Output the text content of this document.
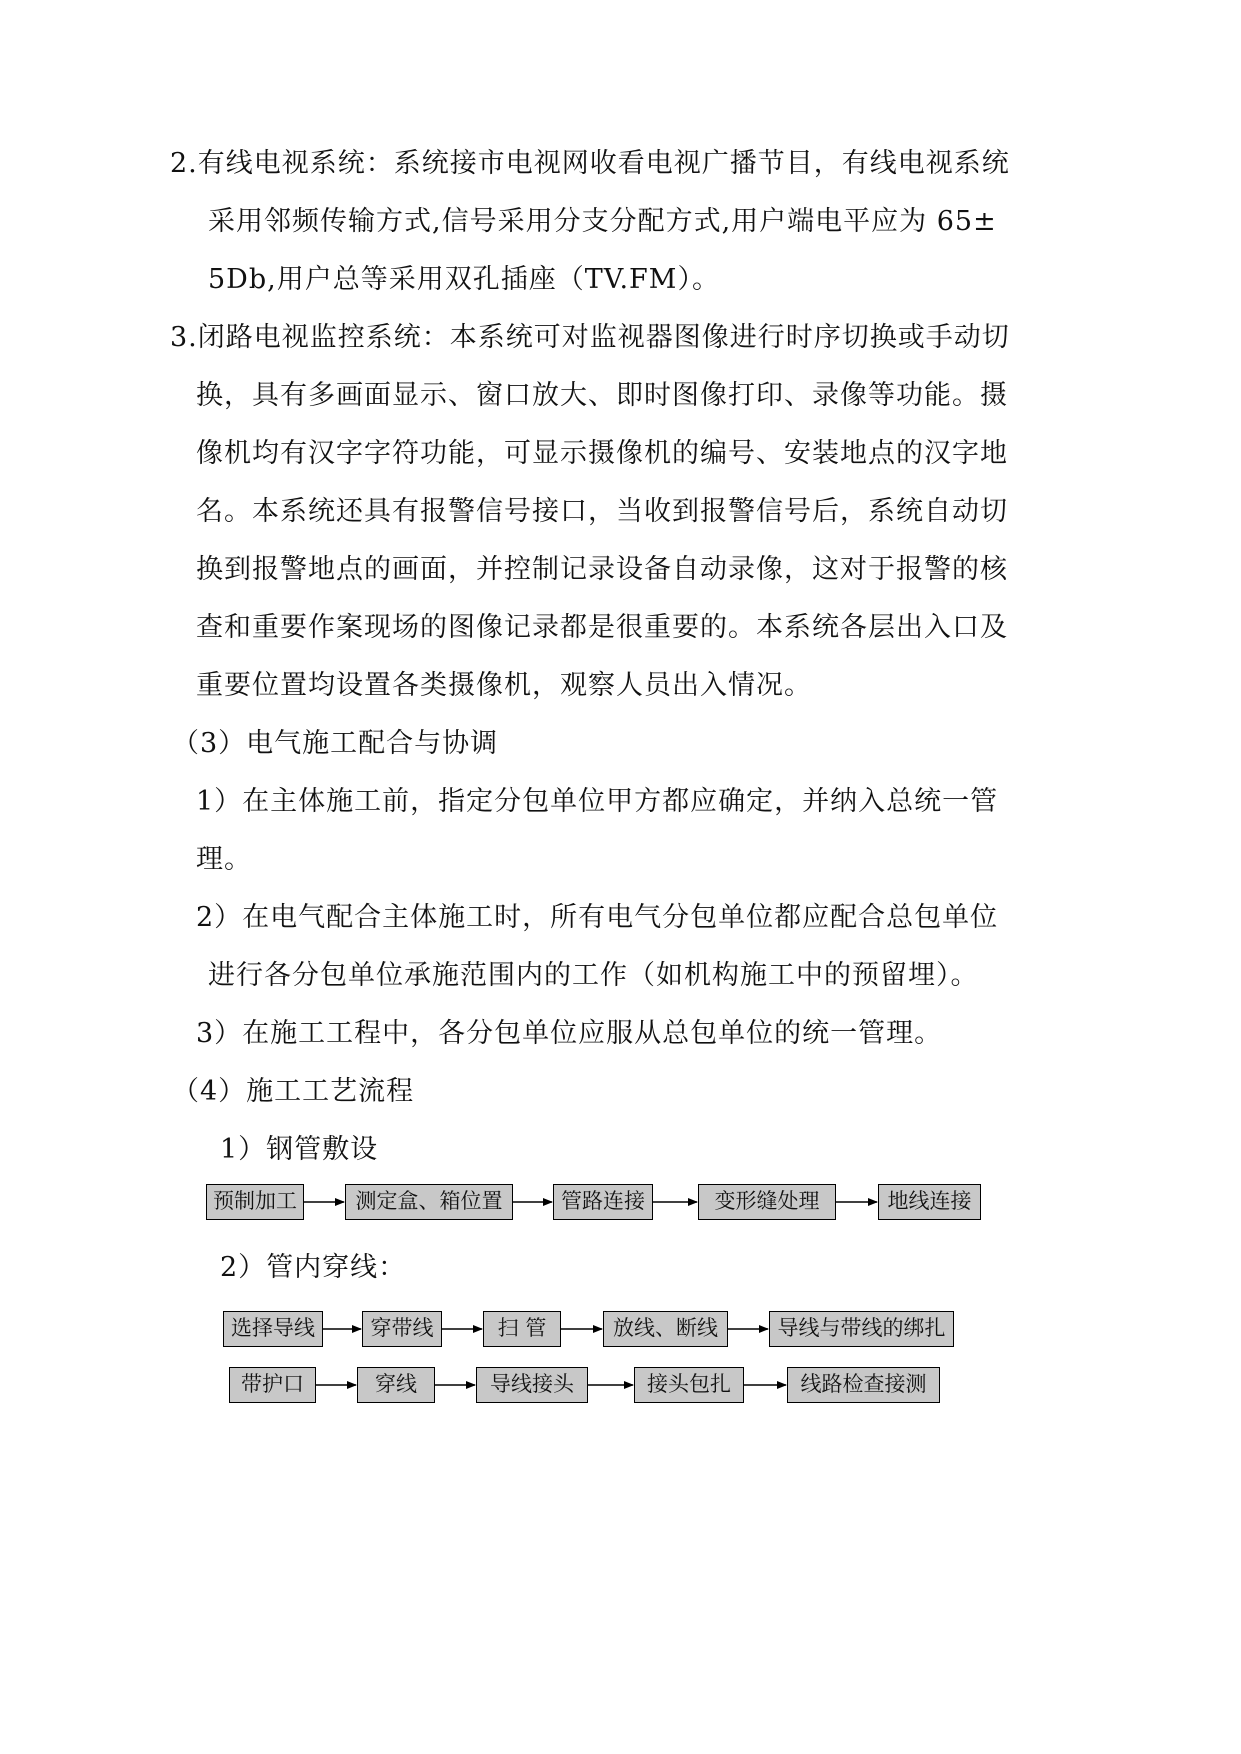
2.有线电视系统：系统接市电视网收看电视广播节目，有线电视系统
采用邻频传输方式,信号采用分支分配方式,用户端电平应为 65±
5Db,用户总等采用双孔插座（TV.FM）。
3.闭路电视监控系统：本系统可对监视器图像进行时序切换或手动切
换，具有多画面显示、窗口放大、即时图像打印、录像等功能。摄
像机均有汉字字符功能，可显示摄像机的编号、安装地点的汉字地
名。本系统还具有报警信号接口，当收到报警信号后，系统自动切
换到报警地点的画面，并控制记录设备自动录像，这对于报警的核
查和重要作案现场的图像记录都是很重要的。本系统各层出入口及
重要位置均设置各类摄像机，观察人员出入情况。
（3）电气施工配合与协调
1）在主体施工前，指定分包单位甲方都应确定，并纳入总统一管
理。
2）在电气配合主体施工时，所有电气分包单位都应配合总包单位
进行各分包单位承施范围内的工作（如机构施工中的预留埋）。
3）在施工工程中，各分包单位应服从总包单位的统一管理。
（4）施工工艺流程
1）钢管敷设
预制加工	测定盒、箱位置	管路连接	变形缝处理	地线连接
2）管内穿线：
选择导线	穿带线	扫 管	放线、断线	导线与带线的绑扎
带护口	穿线	导线接头	接头包扎	线路检查接测
